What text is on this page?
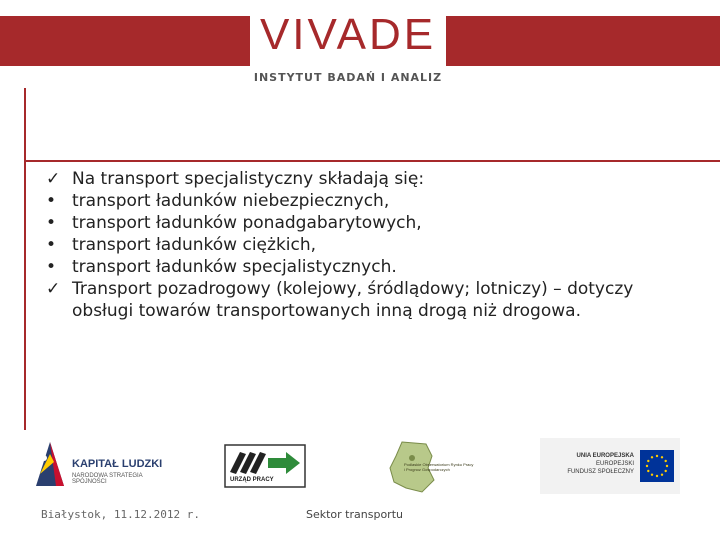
VIVADE
INSTYTUT BADAŃ I ANALIZ
✓ Na transport specjalistyczny składają się:
• transport ładunków niebezpiecznych,
• transport ładunków ponadgabarytowych,
• transport ładunków ciężkich,
• transport ładunków specjalistycznych.
✓ Transport pozadrogowy (kolejowy, śródlądowy; lotniczy) – dotyczy obsługi towarów transportowanych inną drogą niż drogowa.
KAPITAŁ LUDZKI
NARODOWA STRATEGIA SPÓJNOŚCI	URZĄD PRACY
Podlaskie Obserwatorium Rynku Pracy i Prognoz Gospodarczych
UNIA EUROPEJSKA
EUROPEJSKI
FUNDUSZ SPOŁECZNY
Białystok, 11.12.2012 r.	Sektor transportu
